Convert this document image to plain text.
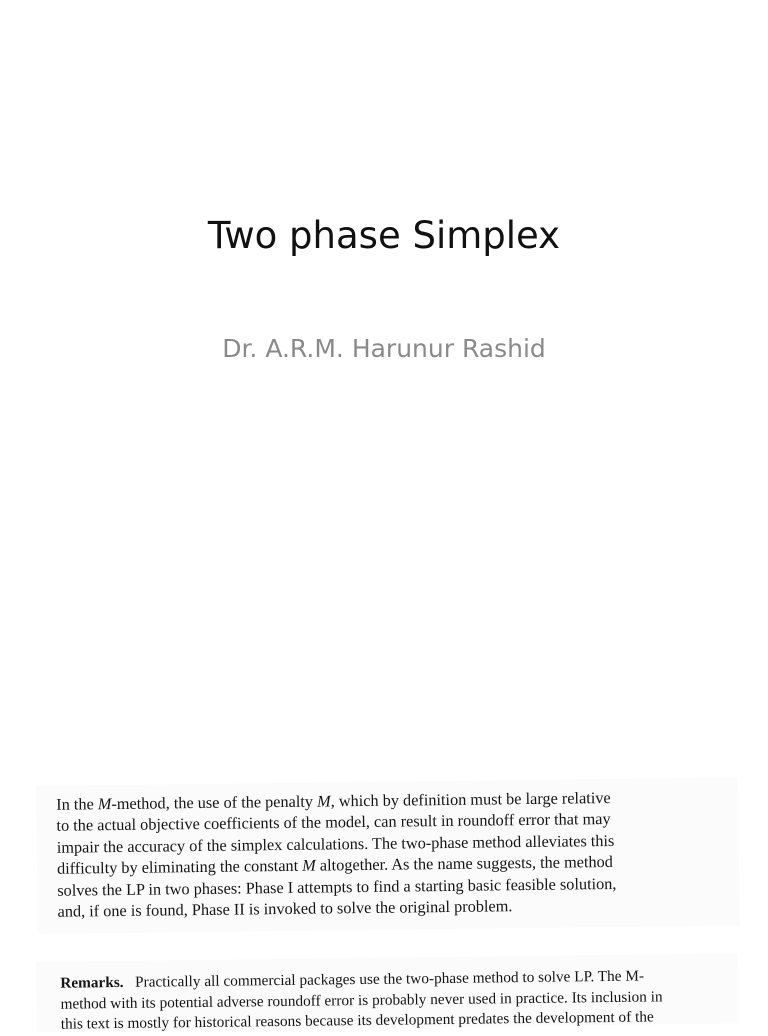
Two phase Simplex
Dr. A.R.M. Harunur Rashid
In the M-method, the use of the penalty M, which by definition must be large relative
to the actual objective coefficients of the model, can result in roundoff error that may
impair the accuracy of the simplex calculations. The two-phase method alleviates this
difficulty by eliminating the constant M altogether. As the name suggests, the method
solves the LP in two phases: Phase I attempts to find a starting basic feasible solution,
and, if one is found, Phase II is invoked to solve the original problem.
Remarks. Practically all commercial packages use the two-phase method to solve LP. The M-
method with its potential adverse roundoff error is probably never used in practice. Its inclusion in
this text is mostly for historical reasons because its development predates the development of the
